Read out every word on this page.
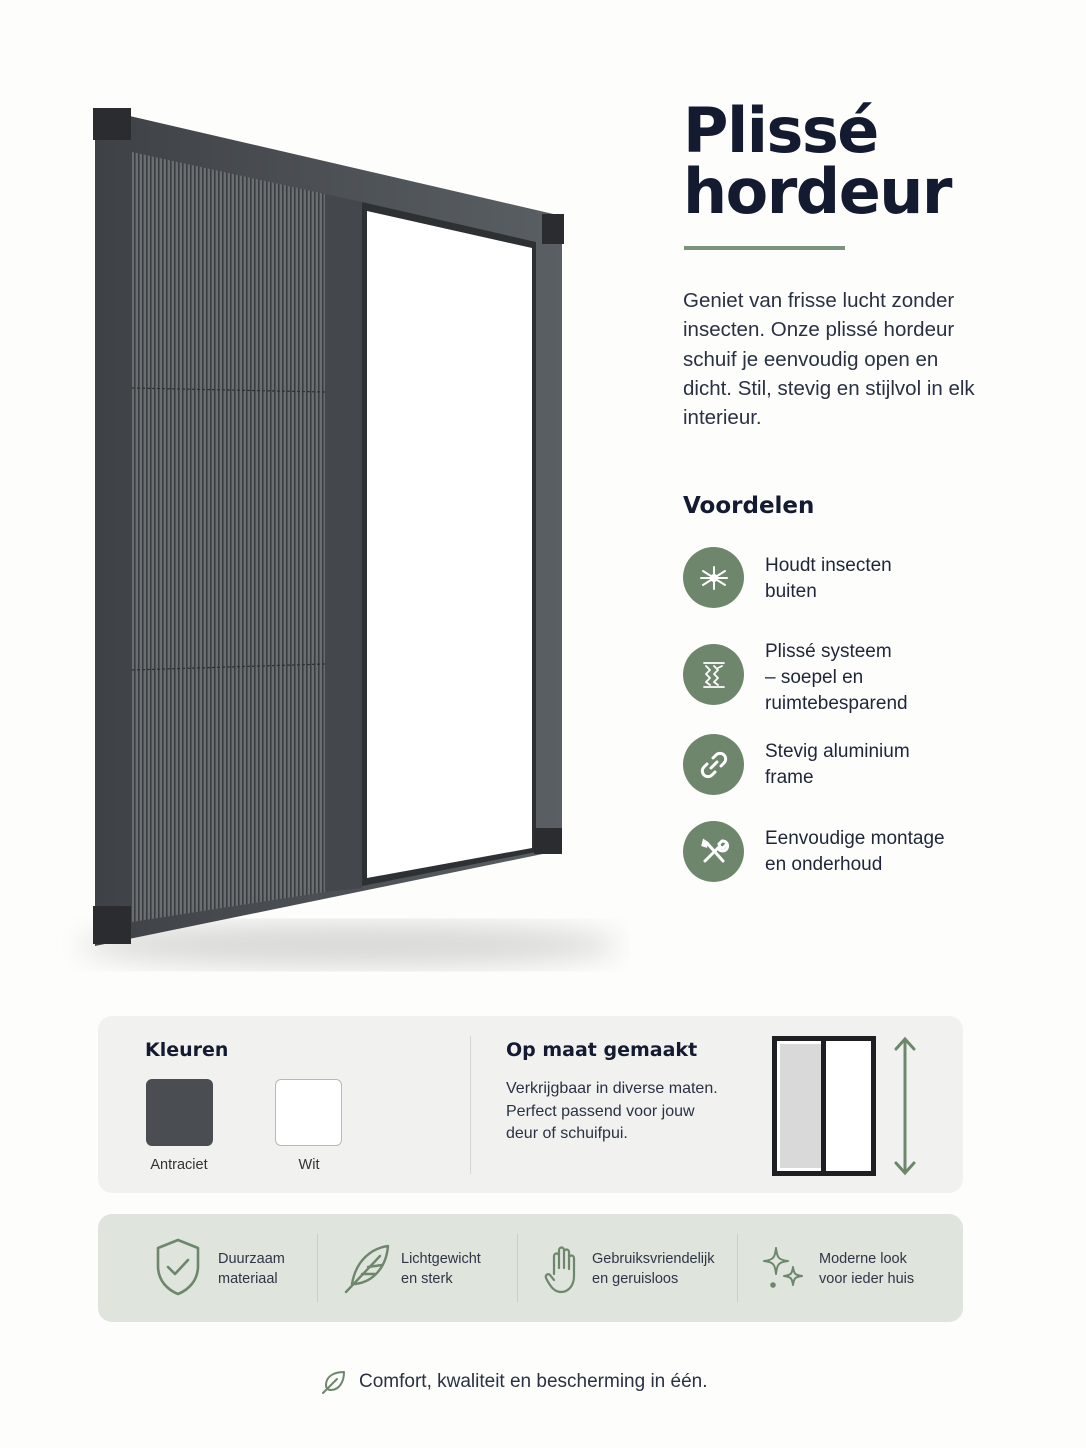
Plissé
hordeur

Geniet van frisse lucht zonder insecten. Onze plissé hordeur schuif je eenvoudig open en dicht. Stil, stevig en stijlvol in elk interieur.

Voordelen
Houdt insecten
buiten
Plissé systeem
– soepel en
ruimtebesparend
Stevig aluminium
frame
Eenvoudige montage
en onderhoud
Kleuren
Antraciet	Wit
Op maat gemaakt
Verkrijgbaar in diverse maten.
Perfect passend voor jouw
deur of schuifpui.
Duurzaam
materiaal
Lichtgewicht
en sterk
Gebruiksvriendelijk
en geruisloos
Moderne look
voor ieder huis
Comfort, kwaliteit en bescherming in één.
